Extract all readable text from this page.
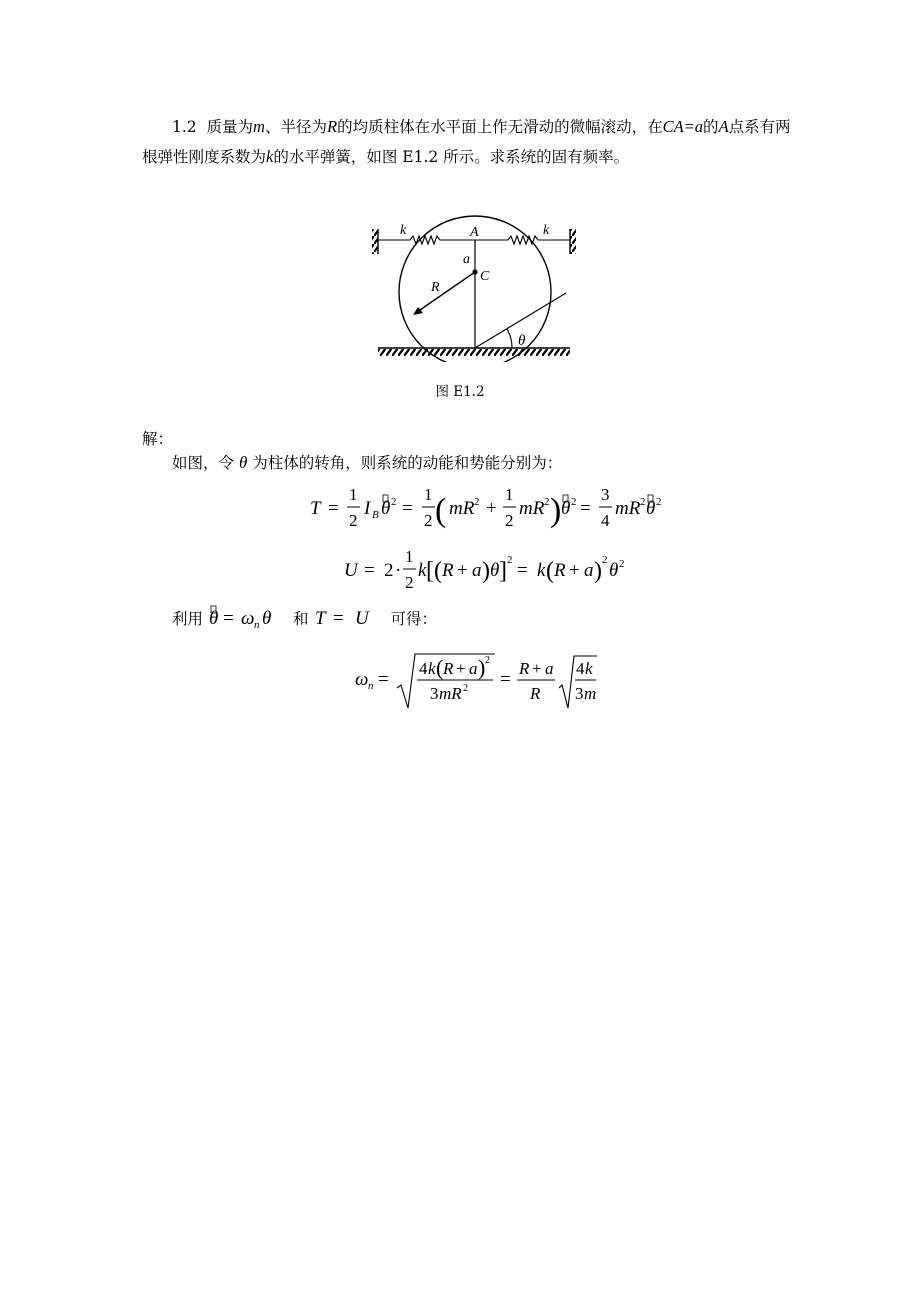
1.2 质量为m、半径为R的均质柱体在水平面上作无滑动的微幅滚动，在CA=a的A点系有两根弹性刚度系数为k的水平弹簧，如图 E1.2 所示。求系统的固有频率。
k	k
A
a
C
R
θ
图 E1.2
解：
如图，令 θ 为柱体的转角，则系统的动能和势能分别为：
T =
1
2
I B θ 2 =
1
2 ( mR 2 +
1
2
mR 2 ) θ 2 =
3
4
mR 2 θ 2
U = 2 ·
1
2
k [ ( R + a ) θ ] 2 = k ( R + a ) 2 θ 2
利用 θ = ω n θ 和 T = U 可得：
ω n =
4 k ( R + a ) 2
3 mR 2 =
R + a
R
4 k
3 m
